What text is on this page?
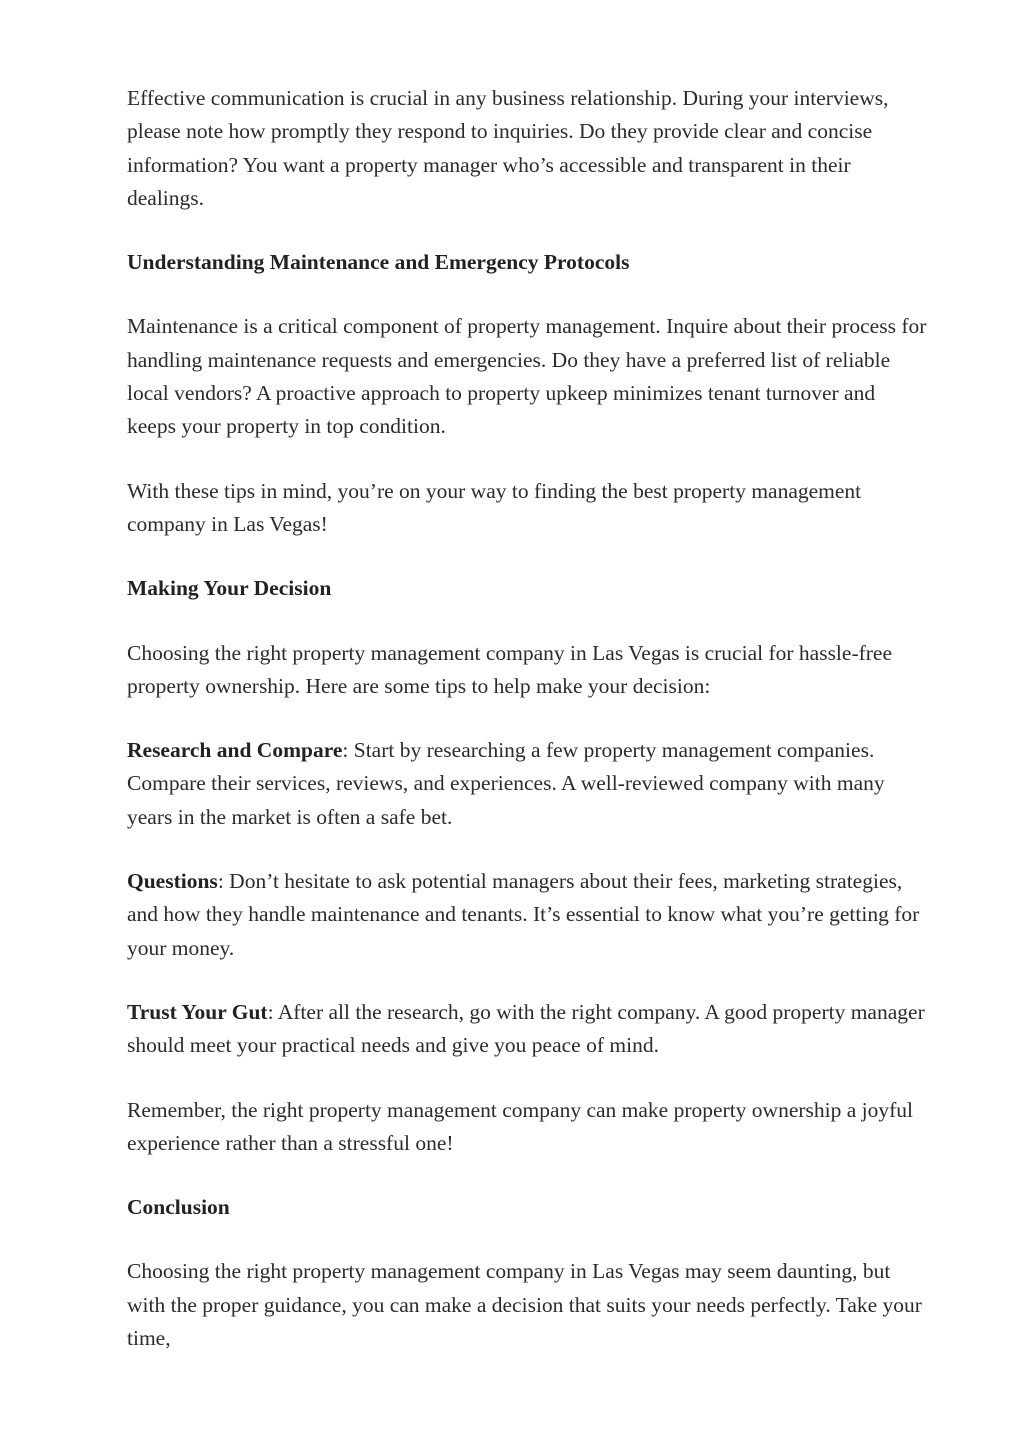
Effective communication is crucial in any business relationship. During your interviews, please note how promptly they respond to inquiries. Do they provide clear and concise information? You want a property manager who’s accessible and transparent in their dealings.

Understanding Maintenance and Emergency Protocols

Maintenance is a critical component of property management. Inquire about their process for handling maintenance requests and emergencies. Do they have a preferred list of reliable local vendors? A proactive approach to property upkeep minimizes tenant turnover and keeps your property in top condition.

With these tips in mind, you’re on your way to finding the best property management company in Las Vegas!

Making Your Decision

Choosing the right property management company in Las Vegas is crucial for hassle-free property ownership. Here are some tips to help make your decision:

Research and Compare: Start by researching a few property management companies. Compare their services, reviews, and experiences. A well-reviewed company with many years in the market is often a safe bet.

Questions: Don’t hesitate to ask potential managers about their fees, marketing strategies, and how they handle maintenance and tenants. It’s essential to know what you’re getting for your money.

Trust Your Gut: After all the research, go with the right company. A good property manager should meet your practical needs and give you peace of mind.

Remember, the right property management company can make property ownership a joyful experience rather than a stressful one!

Conclusion

Choosing the right property management company in Las Vegas may seem daunting, but with the proper guidance, you can make a decision that suits your needs perfectly. Take your time,
